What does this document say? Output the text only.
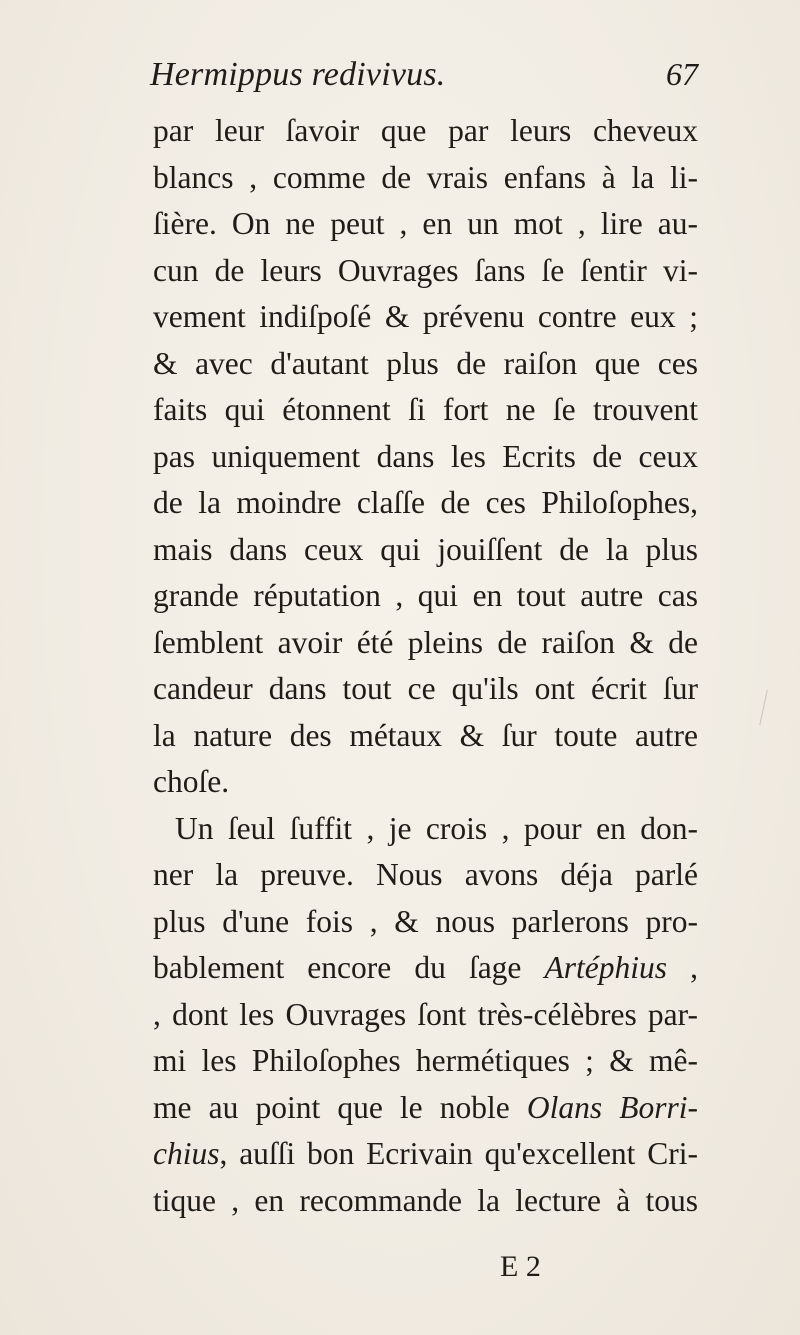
Hermippus redivivus.	67
par leur ſavoir que par leurs cheveux
blancs , comme de vrais enfans à la li-
ſière. On ne peut , en un mot , lire au-
cun de leurs Ouvrages ſans ſe ſentir vi-
vement indiſpoſé & prévenu contre eux ;
& avec d'autant plus de raiſon que ces
faits qui étonnent ſi fort ne ſe trouvent
pas uniquement dans les Ecrits de ceux
de la moindre claſſe de ces Philoſophes,
mais dans ceux qui jouiſſent de la plus
grande réputation , qui en tout autre cas
ſemblent avoir été pleins de raiſon & de
candeur dans tout ce qu'ils ont écrit ſur
la nature des métaux & ſur toute autre
choſe.
Un ſeul ſuffit , je crois , pour en don-
ner la preuve. Nous avons déja parlé
plus d'une fois , & nous parlerons pro-
bablement encore du ſage Artéphius ,
, dont les Ouvrages ſont très-célèbres par-
mi les Philoſophes hermétiques ; & mê-
me au point que le noble Olans Borri-
chius, auſſi bon Ecrivain qu'excellent Cri-
tique , en recommande la lecture à tous
E 2
